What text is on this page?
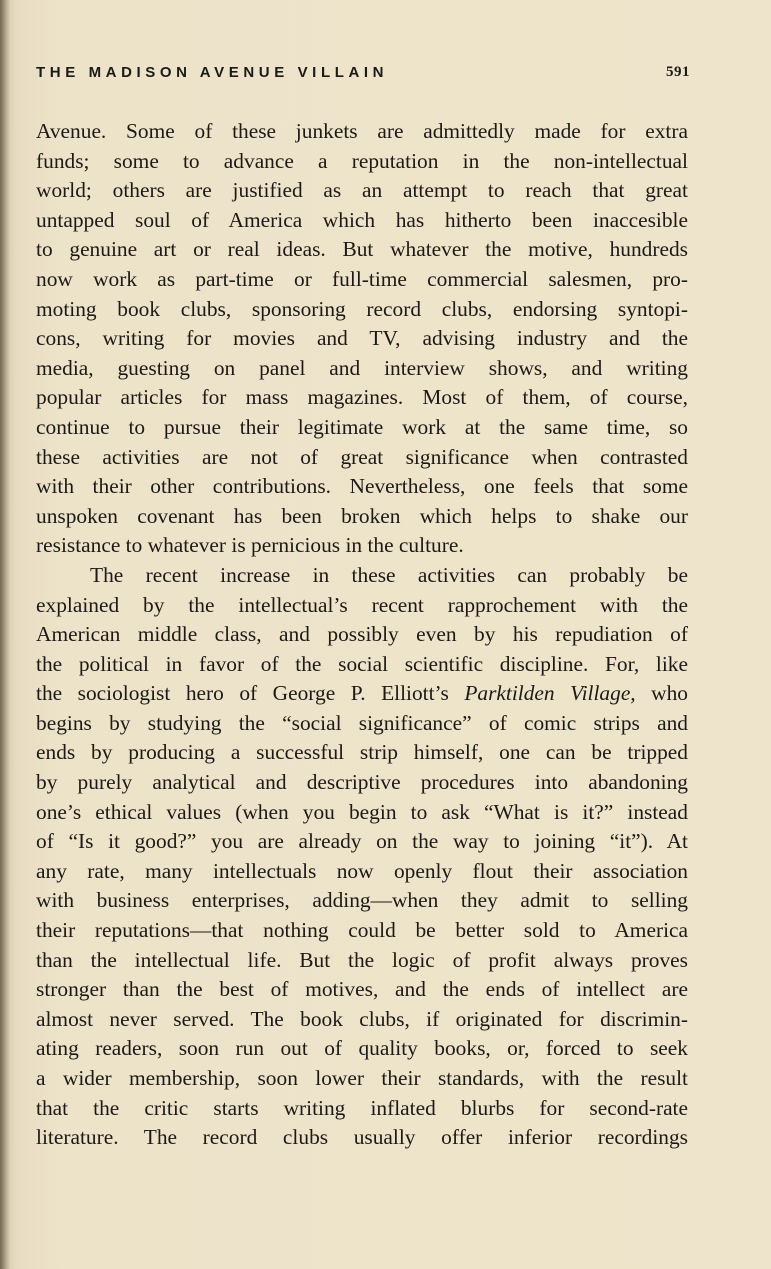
THE MADISON AVENUE VILLAIN	591
Avenue. Some of these junkets are admittedly made for extra
funds; some to advance a reputation in the non-intellectual
world; others are justified as an attempt to reach that great
untapped soul of America which has hitherto been inaccesible
to genuine art or real ideas. But whatever the motive, hundreds
now work as part-time or full-time commercial salesmen, pro-
moting book clubs, sponsoring record clubs, endorsing syntopi-
cons, writing for movies and TV, advising industry and the
media, guesting on panel and interview shows, and writing
popular articles for mass magazines. Most of them, of course,
continue to pursue their legitimate work at the same time, so
these activities are not of great significance when contrasted
with their other contributions. Nevertheless, one feels that some
unspoken covenant has been broken which helps to shake our
resistance to whatever is pernicious in the culture.
The recent increase in these activities can probably be
explained by the intellectual’s recent rapprochement with the
American middle class, and possibly even by his repudiation of
the political in favor of the social scientific discipline. For, like
the sociologist hero of George P. Elliott’s Parktilden Village, who
begins by studying the “social significance” of comic strips and
ends by producing a successful strip himself, one can be tripped
by purely analytical and descriptive procedures into abandoning
one’s ethical values (when you begin to ask “What is it?” instead
of “Is it good?” you are already on the way to joining “it”). At
any rate, many intellectuals now openly flout their association
with business enterprises, adding—when they admit to selling
their reputations—that nothing could be better sold to America
than the intellectual life. But the logic of profit always proves
stronger than the best of motives, and the ends of intellect are
almost never served. The book clubs, if originated for discrimin-
ating readers, soon run out of quality books, or, forced to seek
a wider membership, soon lower their standards, with the result
that the critic starts writing inflated blurbs for second-rate
literature. The record clubs usually offer inferior recordings
